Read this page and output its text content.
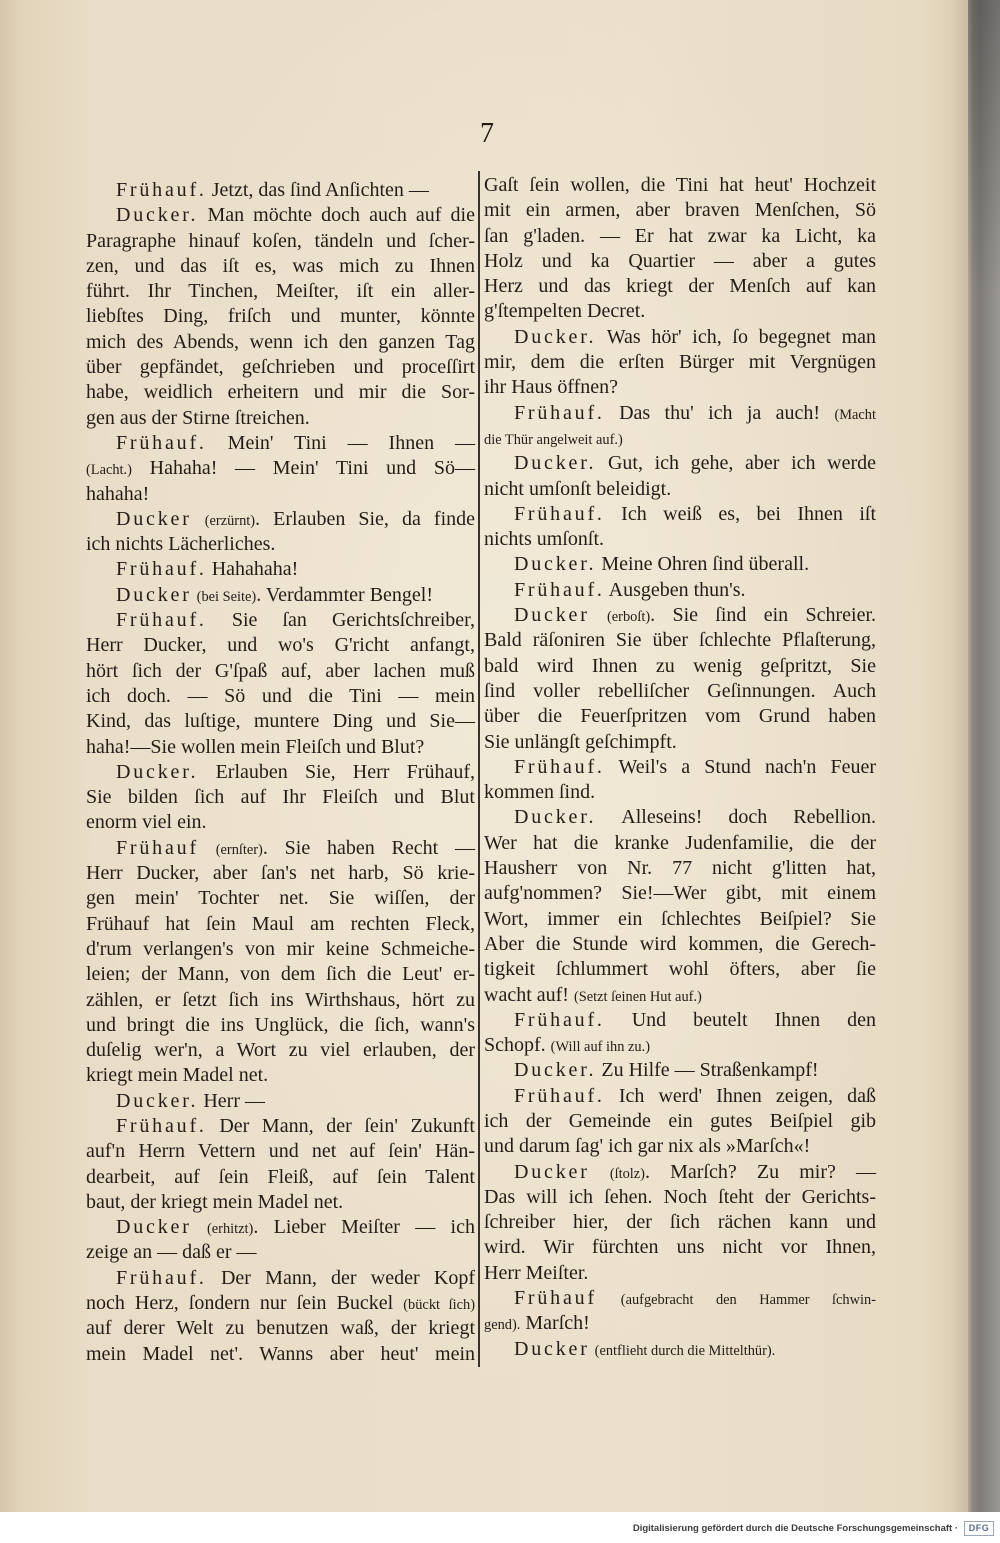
7
Frühauf. Jetzt, das ſind Anſichten —
Ducker. Man möchte doch auch auf die
Paragraphe hinauf koſen, tändeln und ſcher-
zen, und das iſt es, was mich zu Ihnen
führt. Ihr Tinchen, Meiſter, iſt ein aller-
liebſtes Ding, friſch und munter, könnte
mich des Abends, wenn ich den ganzen Tag
über gepfändet, geſchrieben und proceſſirt
habe, weidlich erheitern und mir die Sor-
gen aus der Stirne ſtreichen.
Frühauf. Mein' Tini — Ihnen —
(Lacht.) Hahaha! — Mein' Tini und Sö—
hahaha!
Ducker (erzürnt). Erlauben Sie, da finde
ich nichts Lächerliches.
Frühauf. Hahahaha!
Ducker (bei Seite). Verdammter Bengel!
Frühauf. Sie ſan Gerichtsſchreiber,
Herr Ducker, und wo's G'richt anfangt,
hört ſich der G'ſpaß auf, aber lachen muß
ich doch. — Sö und die Tini — mein
Kind, das luſtige, muntere Ding und Sie—
haha!—Sie wollen mein Fleiſch und Blut?
Ducker. Erlauben Sie, Herr Frühauf,
Sie bilden ſich auf Ihr Fleiſch und Blut
enorm viel ein.
Frühauf (ernſter). Sie haben Recht —
Herr Ducker, aber ſan's net harb, Sö krie-
gen mein' Tochter net. Sie wiſſen, der
Frühauf hat ſein Maul am rechten Fleck,
d'rum verlangen's von mir keine Schmeiche-
leien; der Mann, von dem ſich die Leut' er-
zählen, er ſetzt ſich ins Wirthshaus, hört zu
und bringt die ins Unglück, die ſich, wann's
duſelig wer'n, a Wort zu viel erlauben, der
kriegt mein Madel net.
Ducker. Herr —
Frühauf. Der Mann, der ſein' Zukunft
auf'n Herrn Vettern und net auf ſein' Hän-
dearbeit, auf ſein Fleiß, auf ſein Talent
baut, der kriegt mein Madel net.
Ducker (erhitzt). Lieber Meiſter — ich
zeige an — daß er —
Frühauf. Der Mann, der weder Kopf
noch Herz, ſondern nur ſein Buckel (bückt ſich)
auf derer Welt zu benutzen waß, der kriegt
mein Madel net'. Wanns aber heut' mein
Gaſt ſein wollen, die Tini hat heut' Hochzeit
mit ein armen, aber braven Menſchen, Sö
ſan g'laden. — Er hat zwar ka Licht, ka
Holz und ka Quartier — aber a gutes
Herz und das kriegt der Menſch auf kan
g'ſtempelten Decret.
Ducker. Was hör' ich, ſo begegnet man
mir, dem die erſten Bürger mit Vergnügen
ihr Haus öffnen?
Frühauf. Das thu' ich ja auch! (Macht
die Thür angelweit auf.)
Ducker. Gut, ich gehe, aber ich werde
nicht umſonſt beleidigt.
Frühauf. Ich weiß es, bei Ihnen iſt
nichts umſonſt.
Ducker. Meine Ohren ſind überall.
Frühauf. Ausgeben thun's.
Ducker (erboſt). Sie ſind ein Schreier.
Bald räſoniren Sie über ſchlechte Pflaſterung,
bald wird Ihnen zu wenig geſpritzt, Sie
ſind voller rebelliſcher Geſinnungen. Auch
über die Feuerſpritzen vom Grund haben
Sie unlängſt geſchimpft.
Frühauf. Weil's a Stund nach'n Feuer
kommen ſind.
Ducker. Alleseins! doch Rebellion.
Wer hat die kranke Judenfamilie, die der
Hausherr von Nr. 77 nicht g'litten hat,
aufg'nommen? Sie!—Wer gibt, mit einem
Wort, immer ein ſchlechtes Beiſpiel? Sie
Aber die Stunde wird kommen, die Gerech-
tigkeit ſchlummert wohl öfters, aber ſie
wacht auf! (Setzt ſeinen Hut auf.)
Frühauf. Und beutelt Ihnen den
Schopf. (Will auf ihn zu.)
Ducker. Zu Hilfe — Straßenkampf!
Frühauf. Ich werd' Ihnen zeigen, daß
ich der Gemeinde ein gutes Beiſpiel gib
und darum ſag' ich gar nix als »Marſch«!
Ducker (ſtolz). Marſch? Zu mir? —
Das will ich ſehen. Noch ſteht der Gerichts-
ſchreiber hier, der ſich rächen kann und
wird. Wir fürchten uns nicht vor Ihnen,
Herr Meiſter.
Frühauf (aufgebracht den Hammer ſchwin-
gend). Marſch!
Ducker (entflieht durch die Mittelthür).
Digitalisierung gefördert durch die Deutsche Forschungsgemeinschaft ·	DFG
